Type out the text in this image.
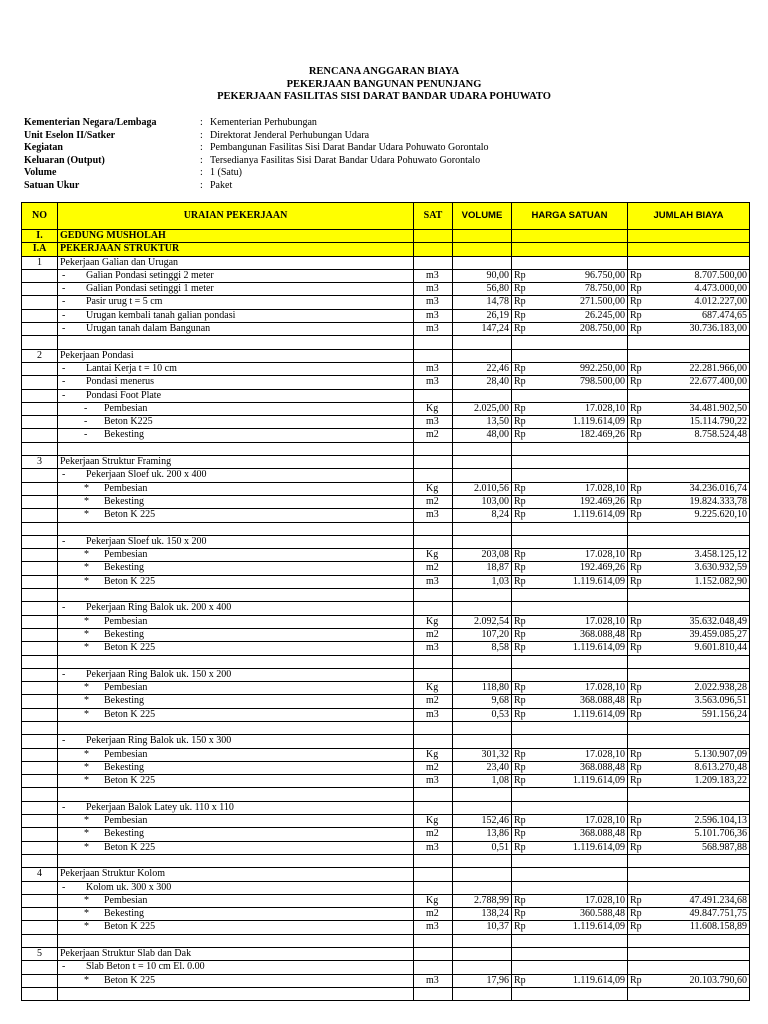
RENCANA ANGGARAN BIAYA
PEKERJAAN BANGUNAN PENUNJANG
PEKERJAAN FASILITAS SISI DARAT BANDAR UDARA POHUWATO
Kementerian Negara/Lembaga	: Kementerian Perhubungan
Unit Eselon II/Satker	: Direktorat Jenderal Perhubungan Udara
Kegiatan	: Pembangunan Fasilitas Sisi Darat Bandar Udara Pohuwato Gorontalo
Keluaran (Output)	: Tersedianya Fasilitas Sisi Darat Bandar Udara Pohuwato Gorontalo
Volume	: 1 (Satu)
Satuan Ukur	: Paket
NO	URAIAN PEKERJAAN	SAT	VOLUME	HARGA SATUAN	JUMLAH BIAYA
I.	GEDUNG MUSHOLAH				
I.A	PEKERJAAN STRUKTUR				
1	Pekerjaan Galian dan Urugan				
	- Galian Pondasi setinggi 2 meter	m3	90,00	Rp 96.750,00	Rp 8.707.500,00

	- Galian Pondasi setinggi 1 meter	m3	56,80	Rp 78.750,00	Rp 4.473.000,00

	- Pasir urug t = 5 cm	m3	14,78	Rp 271.500,00	Rp 4.012.227,00

	- Urugan kembali tanah galian pondasi	m3	26,19	Rp 26.245,00	Rp 687.474,65

	- Urugan tanah dalam Bangunan	m3	147,24	Rp 208.750,00	Rp 30.736.183,00

2	Pekerjaan Pondasi				
	- Lantai Kerja t = 10 cm	m3	22,46	Rp 992.250,00	Rp 22.281.966,00

	- Pondasi menerus	m3	28,40	Rp 798.500,00	Rp 22.677.400,00

	- Pondasi Foot Plate				
	- Pembesian	Kg	2.025,00	Rp 17.028,10	Rp 34.481.902,50

	- Beton K225	m3	13,50	Rp 1.119.614,09	Rp 15.114.790,22

	- Bekesting	m2	48,00	Rp 182.469,26	Rp 8.758.524,48

3	Pekerjaan Struktur Framing				
	- Pekerjaan Sloef uk. 200 x 400				
	* Pembesian	Kg	2.010,56	Rp 17.028,10	Rp 34.236.016,74

	* Bekesting	m2	103,00	Rp 192.469,26	Rp 19.824.333,78

	* Beton K 225	m3	8,24	Rp 1.119.614,09	Rp 9.225.620,10

	- Pekerjaan Sloef uk. 150 x 200				
	* Pembesian	Kg	203,08	Rp 17.028,10	Rp 3.458.125,12

	* Bekesting	m2	18,87	Rp 192.469,26	Rp 3.630.932,59

	* Beton K 225	m3	1,03	Rp 1.119.614,09	Rp 1.152.082,90

	- Pekerjaan Ring Balok uk. 200 x 400				
	* Pembesian	Kg	2.092,54	Rp 17.028,10	Rp 35.632.048,49

	* Bekesting	m2	107,20	Rp 368.088,48	Rp 39.459.085,27

	* Beton K 225	m3	8,58	Rp 1.119.614,09	Rp 9.601.810,44

	- Pekerjaan Ring Balok uk. 150 x 200				
	* Pembesian	Kg	118,80	Rp 17.028,10	Rp 2.022.938,28

	* Bekesting	m2	9,68	Rp 368.088,48	Rp 3.563.096,51

	* Beton K 225	m3	0,53	Rp 1.119.614,09	Rp 591.156,24

	- Pekerjaan Ring Balok uk. 150 x 300				
	* Pembesian	Kg	301,32	Rp 17.028,10	Rp 5.130.907,09

	* Bekesting	m2	23,40	Rp 368.088,48	Rp 8.613.270,48

	* Beton K 225	m3	1,08	Rp 1.119.614,09	Rp 1.209.183,22

	- Pekerjaan Balok Latey uk. 110 x 110				
	* Pembesian	Kg	152,46	Rp 17.028,10	Rp 2.596.104,13

	* Bekesting	m2	13,86	Rp 368.088,48	Rp 5.101.706,36

	* Beton K 225	m3	0,51	Rp 1.119.614,09	Rp 568.987,88

4	Pekerjaan Struktur Kolom				
	- Kolom uk. 300 x 300				
	* Pembesian	Kg	2.788,99	Rp 17.028,10	Rp 47.491.234,68

	* Bekesting	m2	138,24	Rp 360.588,48	Rp 49.847.751,75

	* Beton K 225	m3	10,37	Rp 1.119.614,09	Rp 11.608.158,89

5	Pekerjaan Struktur Slab dan Dak				
	- Slab Beton t = 10 cm El. 0.00				
	* Beton K 225	m3	17,96	Rp 1.119.614,09	Rp 20.103.790,60
